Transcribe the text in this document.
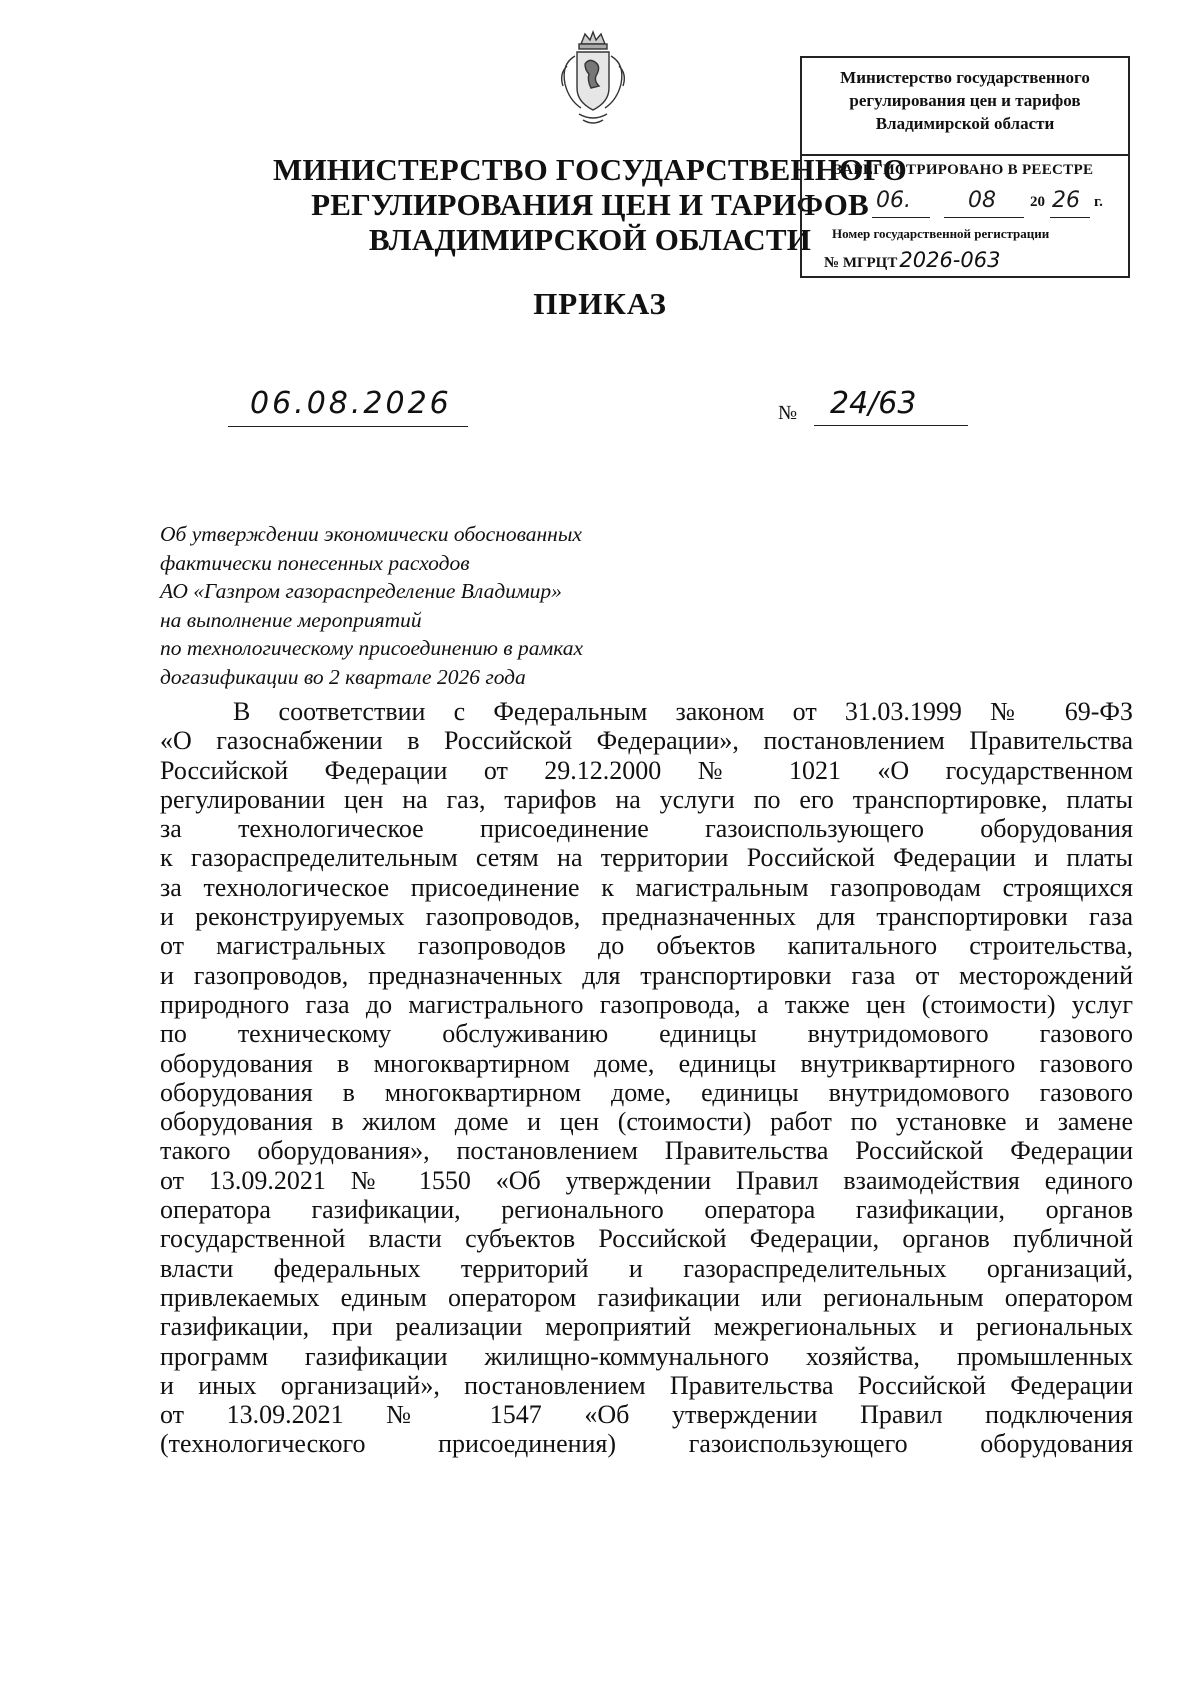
МИНИСТЕРСТВО ГОСУДАРСТВЕННОГО
РЕГУЛИРОВАНИЯ ЦЕН И ТАРИФОВ
ВЛАДИМИРСКОЙ ОБЛАСТИ
Министерство государственного
регулирования цен и тарифов
Владимирской области
ЗАРЕГИСТРИРОВАНО В РЕЕСТРЕ
06.	08 20 26 г.
Номер государственной регистрации
№ МГРЦТ2026-063
ПРИКАЗ
06.08.2026	№ 24/63
Об утверждении экономически обоснованных
фактически понесенных расходов
АО «Газпром газораспределение Владимир»
на выполнение мероприятий
по технологическому присоединению в рамках
догазификации во 2 квартале 2026 года
В соответствии с Федеральным законом от 31.03.1999 № 69-ФЗ
«О газоснабжении в Российской Федерации», постановлением Правительства
Российской Федерации от 29.12.2000 № 1021 «О государственном
регулировании цен на газ, тарифов на услуги по его транспортировке, платы
за технологическое присоединение газоиспользующего оборудования
к газораспределительным сетям на территории Российской Федерации и платы
за технологическое присоединение к магистральным газопроводам строящихся
и реконструируемых газопроводов, предназначенных для транспортировки газа
от магистральных газопроводов до объектов капитального строительства,
и газопроводов, предназначенных для транспортировки газа от месторождений
природного газа до магистрального газопровода, а также цен (стоимости) услуг
по техническому обслуживанию единицы внутридомового газового
оборудования в многоквартирном доме, единицы внутриквартирного газового
оборудования в многоквартирном доме, единицы внутридомового газового
оборудования в жилом доме и цен (стоимости) работ по установке и замене
такого оборудования», постановлением Правительства Российской Федерации
от 13.09.2021 № 1550 «Об утверждении Правил взаимодействия единого
оператора газификации, регионального оператора газификации, органов
государственной власти субъектов Российской Федерации, органов публичной
власти федеральных территорий и газораспределительных организаций,
привлекаемых единым оператором газификации или региональным оператором
газификации, при реализации мероприятий межрегиональных и региональных
программ газификации жилищно-коммунального хозяйства, промышленных
и иных организаций», постановлением Правительства Российской Федерации
от 13.09.2021 № 1547 «Об утверждении Правил подключения
(технологического присоединения) газоиспользующего оборудования
